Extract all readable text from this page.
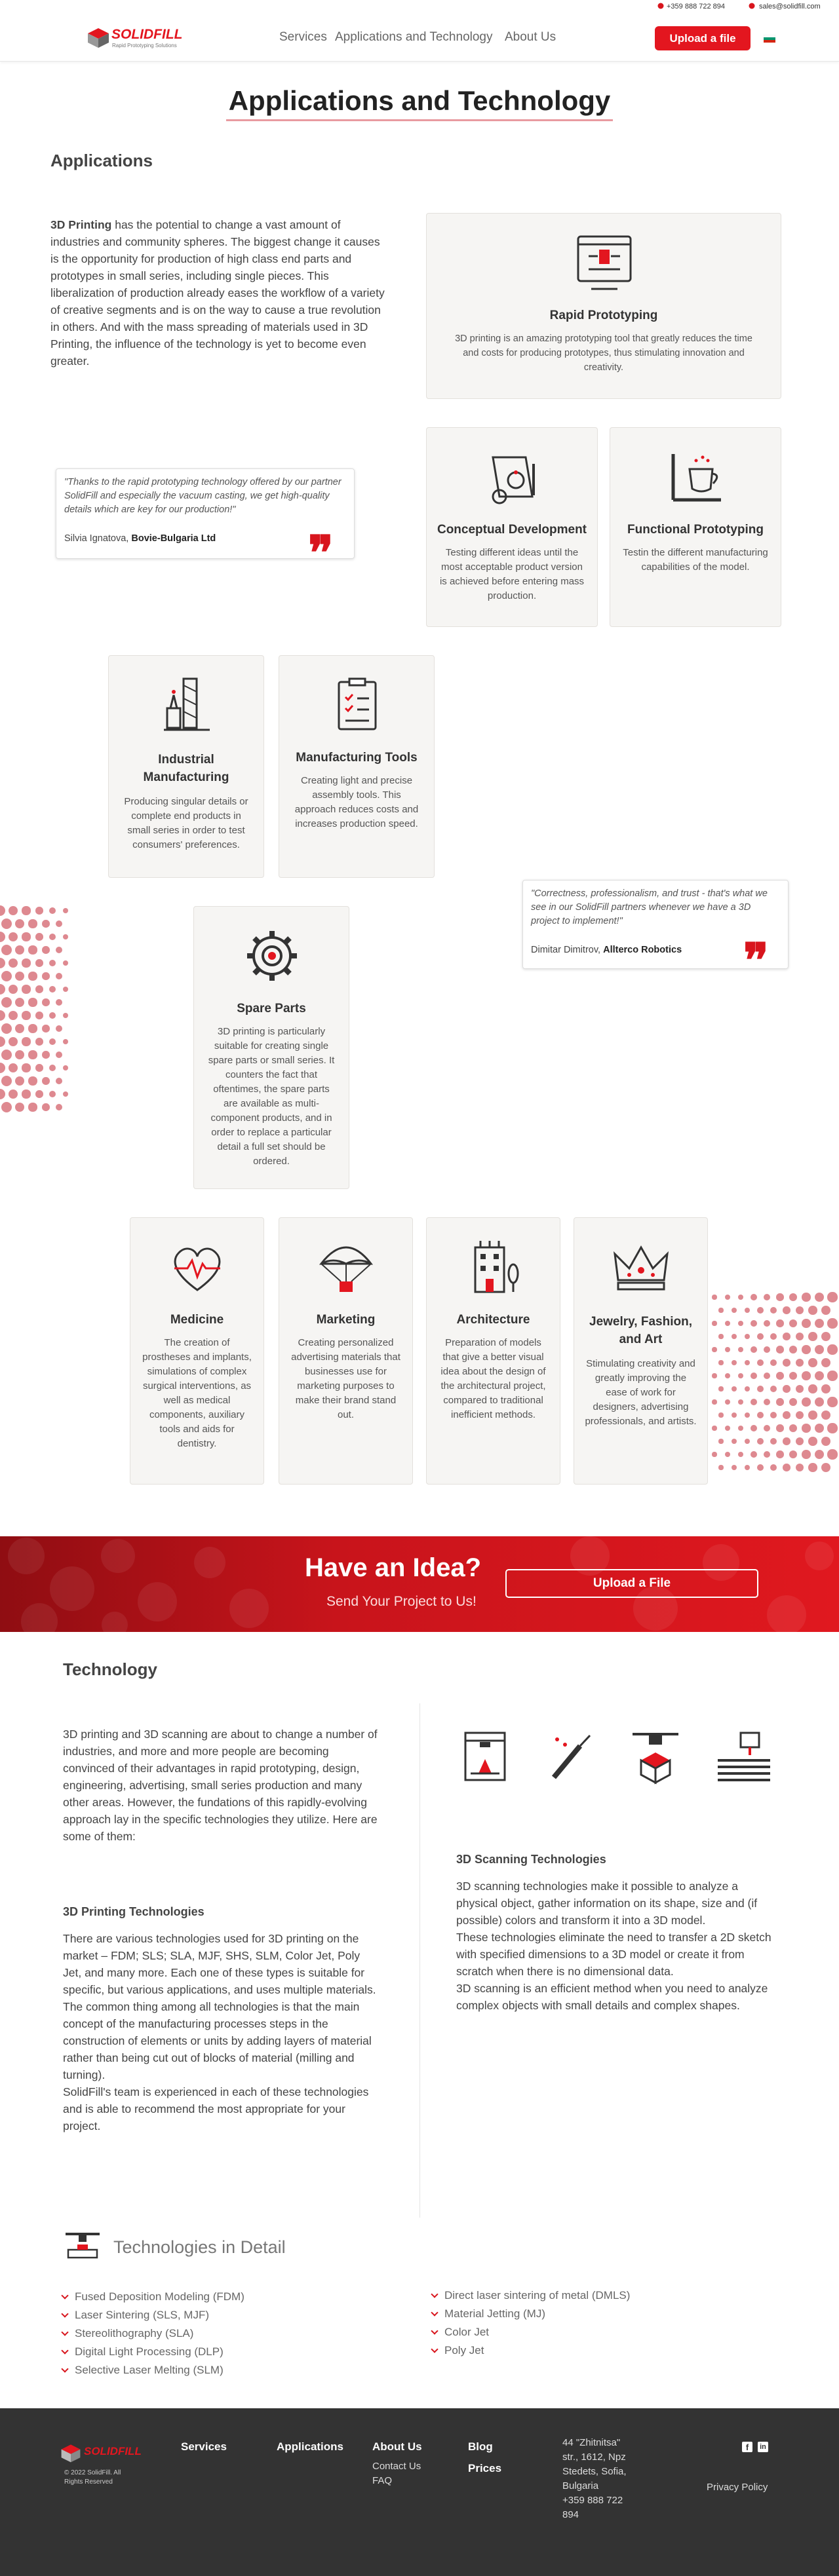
+359 888 722 894	sales@solidfill.com
SOLIDFILL
Rapid Prototyping Solutions
Services Applications and Technology About Us	Upload a file
Applications and Technology
Applications

3D Printing has the potential to change a vast amount of industries and community spheres. The biggest change it causes is the opportunity for production of high class end parts and prototypes in small series, including single pieces. This liberalization of production already eases the workflow of a variety of creative segments and is on the way to cause a true revolution in others. And with the mass spreading of materials used in 3D Printing, the influence of the technology is yet to become even greater.

Rapid Prototyping
3D printing is an amazing prototyping tool that greatly reduces the time and costs for producing prototypes, thus stimulating innovation and creativity.
"Thanks to the rapid prototyping technology offered by our partner SolidFill and especially the vacuum casting, we get high-quality details which are key for our production!"
Silvia Ignatova, Bovie-Bulgaria Ltd ❞	Conceptual Development
Testing different ideas until the most acceptable product version is achieved before entering mass production.
Functional Prototyping
Testin the different manufacturing capabilities of the model.
Industrial Manufacturing
Producing singular details or complete end products in small series in order to test consumers' preferences.
Manufacturing Tools
Creating light and precise assembly tools. This approach reduces costs and increases production speed.
"Correctness, professionalism, and trust - that's what we see in our SolidFill partners whenever we have a 3D project to implement!"
Dimitar Dimitrov, Allterco Robotics ❞
Spare Parts
3D printing is particularly suitable for creating single spare parts or small series. It counters the fact that oftentimes, the spare parts are available as multi-component products, and in order to replace a particular detail a full set should be ordered.
Medicine
The creation of prostheses and implants, simulations of complex surgical interventions, as well as medical components, auxiliary tools and aids for dentistry.
Marketing
Creating personalized advertising materials that businesses use for marketing purposes to make their brand stand out.
Architecture
Preparation of models that give a better visual idea about the design of the architectural project, compared to traditional inefficient methods.
Jewelry, Fashion, and Art
Stimulating creativity and greatly improving the ease of work for designers, advertising professionals, and artists.
Have an Idea?
Send Your Project to Us!
Upload a File
Technology

3D printing and 3D scanning are about to change a number of industries, and more and more people are becoming convinced of their advantages in rapid prototyping, design, engineering, advertising, small series production and many other areas. However, the fundations of this rapidly-evolving approach lay in the specific technologies they utilize. Here are some of them:

3D Printing Technologies

There are various technologies used for 3D printing on the market – FDM; SLS; SLA, MJF, SHS, SLM, Color Jet, Poly Jet, and many more. Each one of these types is suitable for specific, but various applications, and uses multiple materials.

The common thing among all technologies is that the main concept of the manufacturing processes steps in the construction of elements or units by adding layers of material rather than being cut out of blocks of material (milling and turning).

SolidFill's team is experienced in each of these technologies and is able to recommend the most appropriate for your project.

3D Scanning Technologies

3D scanning technologies make it possible to analyze a physical object, gather information on its shape, size and (if possible) colors and transform it into a 3D model.

These technologies eliminate the need to transfer a 2D sketch with specified dimensions to a 3D model or create it from scratch when there is no dimensional data.

3D scanning is an efficient method when you need to analyze complex objects with small details and complex shapes.

Technologies in Detail
Fused Deposition Modeling (FDM)
Laser Sintering (SLS, MJF)
Stereolithography (SLA)
Digital Light Processing (DLP)
Selective Laser Melting (SLM)
Direct laser sintering of metal (DMLS)
Material Jetting (MJ)
Color Jet
Poly Jet
SOLIDFILL
© 2022 SolidFill. All Rights Reserved
Services	Applications	About Us
Contact Us
FAQ
Blog
Prices
44 "Zhitnitsa" str., 1612, Npz Stedets, Sofia, Bulgaria
+359 888 722 894
f	in
Privacy Policy
